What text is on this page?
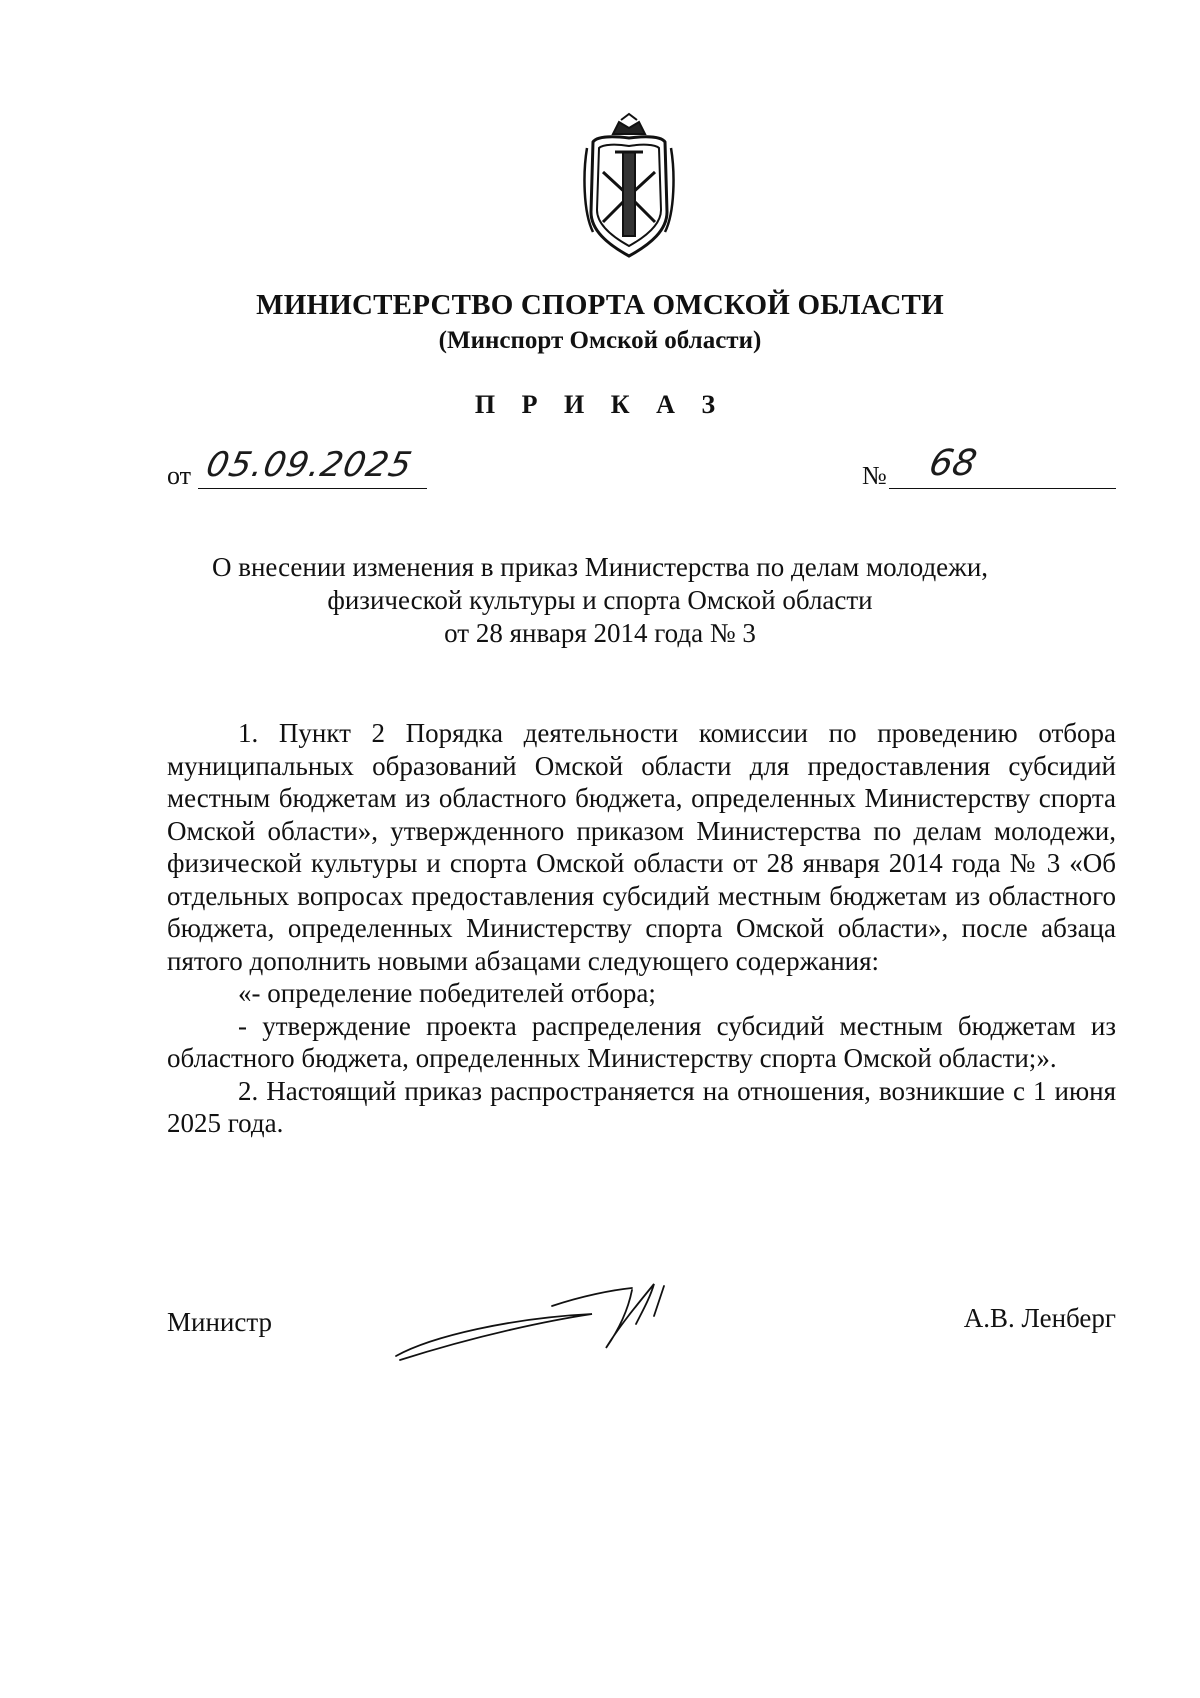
МИНИСТЕРСТВО СПОРТА ОМСКОЙ ОБЛАСТИ
(Минспорт Омской области)
П Р И К А З
от 05.09.2025	№ 68
О внесении изменения в приказ Министерства по делам молодежи,
физической культуры и спорта Омской области
от 28 января 2014 года № 3

1. Пункт 2 Порядка деятельности комиссии по проведению отбора муниципальных образований Омской области для предоставления субсидий местным бюджетам из областного бюджета, определенных Министерству спорта Омской области», утвержденного приказом Министерства по делам молодежи, физической культуры и спорта Омской области от 28 января 2014 года № 3 «Об отдельных вопросах предоставления субсидий местным бюджетам из областного бюджета, определенных Министерству спорта Омской области», после абзаца пятого дополнить новыми абзацами следующего содержания:

«- определение победителей отбора;

- утверждение проекта распределения субсидий местным бюджетам из областного бюджета, определенных Министерству спорта Омской области;».

2. Настоящий приказ распространяется на отношения, возникшие с 1 июня 2025 года.

Министр	А.В. Ленберг
